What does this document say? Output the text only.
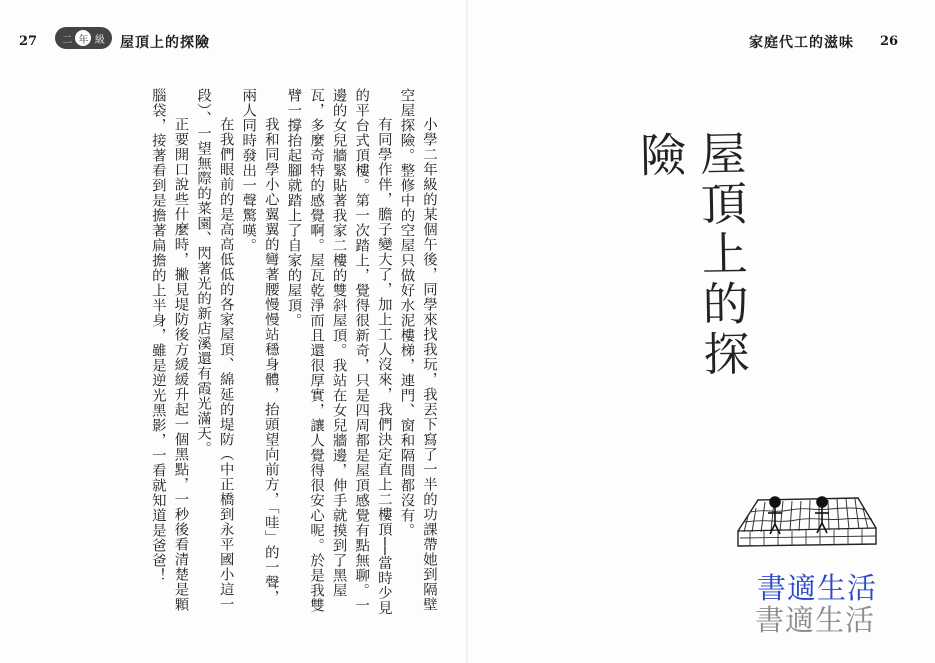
27	二 年 級 屋頂上的探險	家庭代工的滋味 26

小學二年級的某個午後，同學來找我玩，我丟下寫了一半的功課帶她到隔壁空屋探險。整修中的空屋只做好水泥樓梯，連門、窗和隔間都沒有。

有同學作伴，膽子變大了，加上工人沒來，我們決定直上二樓頂──當時少見的平台式頂樓。第一次踏上，覺得很新奇，只是四周都是屋頂感覺有點無聊。一邊的女兒牆緊貼著我家二樓的雙斜屋頂。我站在女兒牆邊，伸手就摸到了黑屋瓦，多麼奇特的感覺啊。屋瓦乾淨而且還很厚實，讓人覺得很安心呢。於是我雙臂一撐抬起腳就踏上了自家的屋頂。

我和同學小心翼翼的彎著腰慢慢站穩身體，抬頭望向前方，「哇」的一聲，兩人同時發出一聲驚嘆。

在我們眼前的是高高低低的各家屋頂、綿延的堤防（中正橋到永平國小這一段）、一望無際的菜園、閃著光的新店溪還有霞光滿天。

正要開口說些什麼時，撇見堤防後方緩緩升起一個黑點，一秒後看清楚是顆腦袋，接著看到是擔著扁擔的上半身，雖是逆光黑影，一看就知道是爸爸！	屋頂上的探險
書適生活
書適生活
